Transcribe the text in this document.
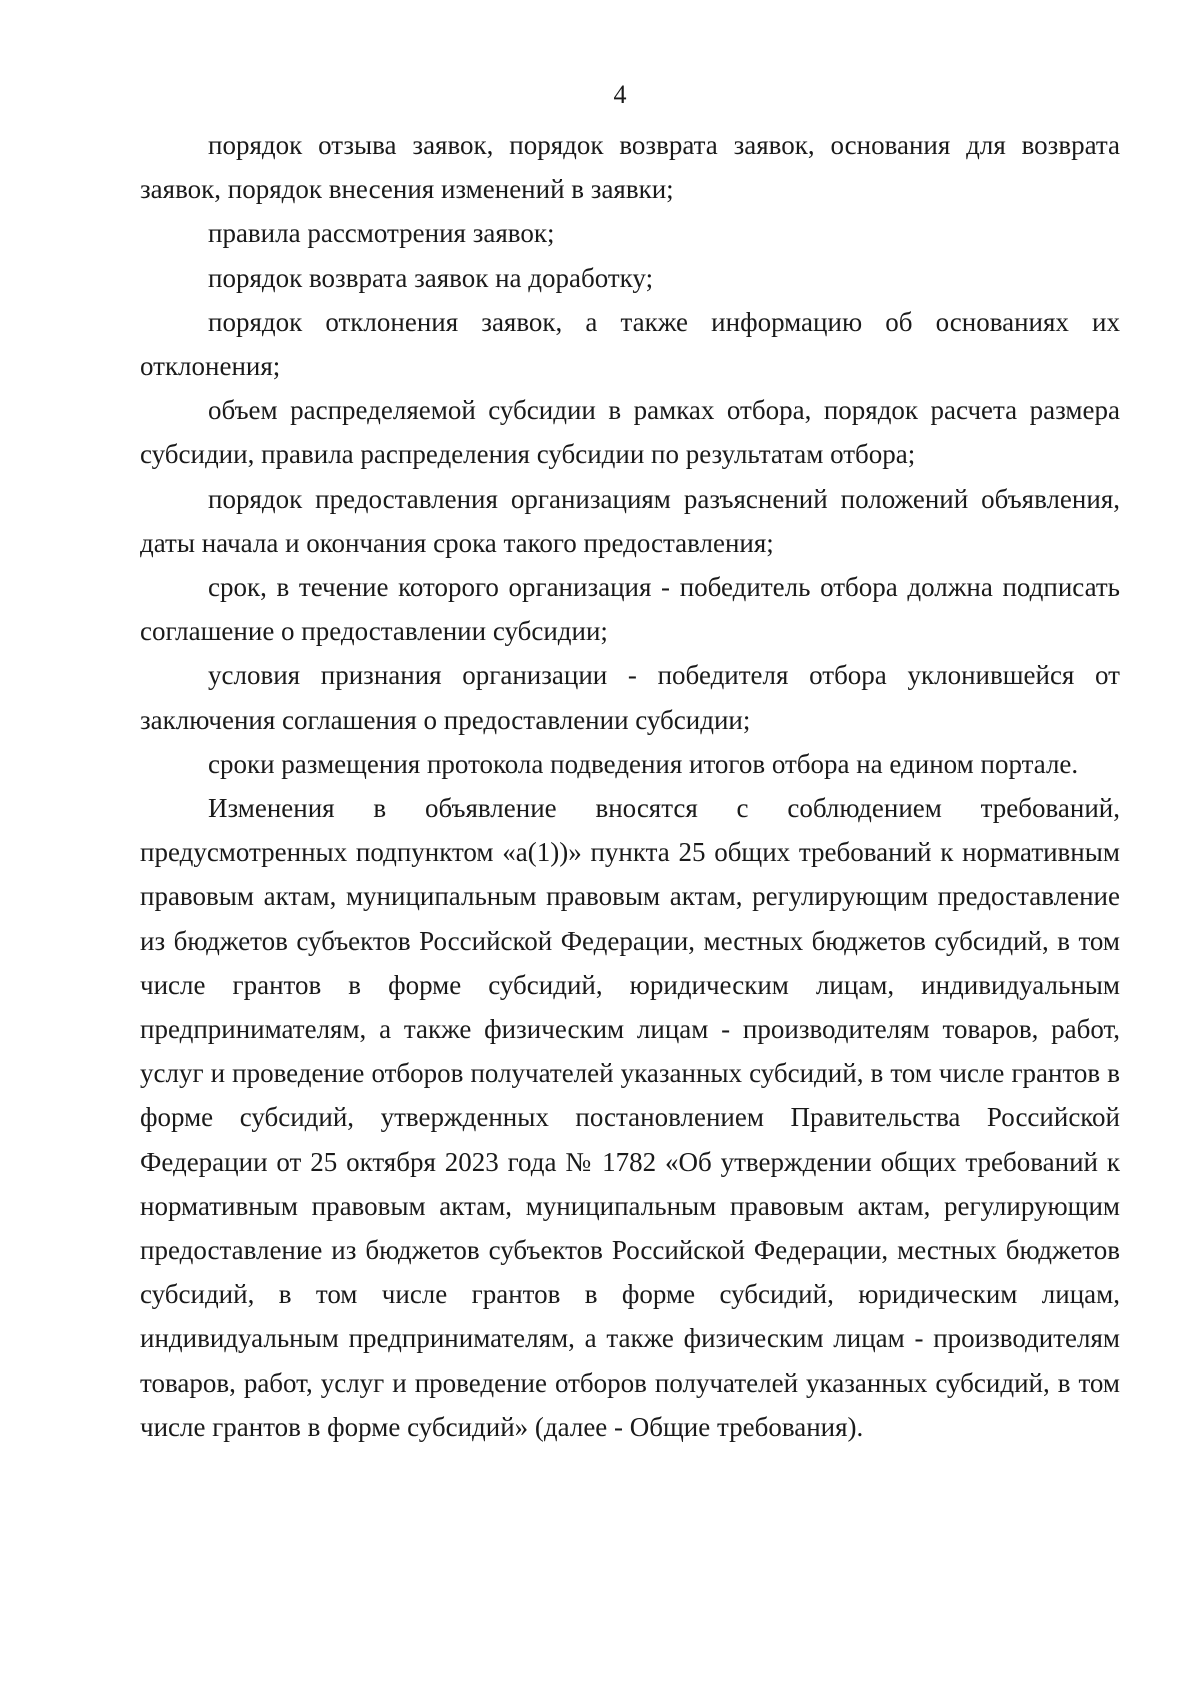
4

порядок отзыва заявок, порядок возврата заявок, основания для возврата заявок, порядок внесения изменений в заявки;

правила рассмотрения заявок;

порядок возврата заявок на доработку;

порядок отклонения заявок, а также информацию об основаниях их отклонения;

объем распределяемой субсидии в рамках отбора, порядок расчета размера субсидии, правила распределения субсидии по результатам отбора;

порядок предоставления организациям разъяснений положений объявления, даты начала и окончания срока такого предоставления;

срок, в течение которого организация - победитель отбора должна подписать соглашение о предоставлении субсидии;

условия признания организации - победителя отбора уклонившейся от заключения соглашения о предоставлении субсидии;

сроки размещения протокола подведения итогов отбора на едином портале.

Изменения в объявление вносятся с соблюдением требований, предусмотренных подпунктом «а(1))» пункта 25 общих требований к нормативным правовым актам, муниципальным правовым актам, регулирующим предоставление из бюджетов субъектов Российской Федерации, местных бюджетов субсидий, в том числе грантов в форме субсидий, юридическим лицам, индивидуальным предпринимателям, а также физическим лицам - производителям товаров, работ, услуг и проведение отборов получателей указанных субсидий, в том числе грантов в форме субсидий, утвержденных постановлением Правительства Российской Федерации от 25 октября 2023 года № 1782 «Об утверждении общих требований к нормативным правовым актам, муниципальным правовым актам, регулирующим предоставление из бюджетов субъектов Российской Федерации, местных бюджетов субсидий, в том числе грантов в форме субсидий, юридическим лицам, индивидуальным предпринимателям, а также физическим лицам - производителям товаров, работ, услуг и проведение отборов получателей указанных субсидий, в том числе грантов в форме субсидий» (далее - Общие требования).
